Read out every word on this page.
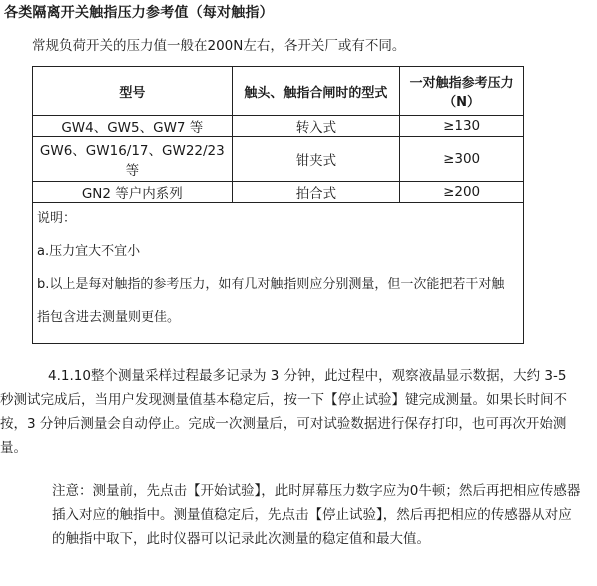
各类隔离开关触指压力参考值（每对触指）
常规负荷开关的压力值一般在200N左右，各开关厂或有不同。
型号	触头、触指合闸时的型式	一对触指参考压力（N）
GW4、GW5、GW7 等	转入式	≥130
GW6、GW16/17、GW22/23 等	钳夹式	≥300
GN2 等户内系列	拍合式	≥200

说明：
a.压力宜大不宜小
b.以上是每对触指的参考压力，如有几对触指则应分别测量，但一次能把若干对触
指包含进去测量则更佳。		
4.1.10整个测量采样过程最多记录为 3 分钟，此过程中，观察液晶显示数据，大约 3-5 秒测试完成后，当用户发现测量值基本稳定后，按一下【停止试验】键完成测量。如果长时间不按，3 分钟后测量会自动停止。完成一次测量后，可对试验数据进行保存打印，也可再次开始测量。
注意：测量前，先点击【开始试验】，此时屏幕压力数字应为0牛顿；然后再把相应传感器插入对应的触指中。测量值稳定后，先点击【停止试验】，然后再把相应的传感器从对应的触指中取下，此时仪器可以记录此次测量的稳定值和最大值。
